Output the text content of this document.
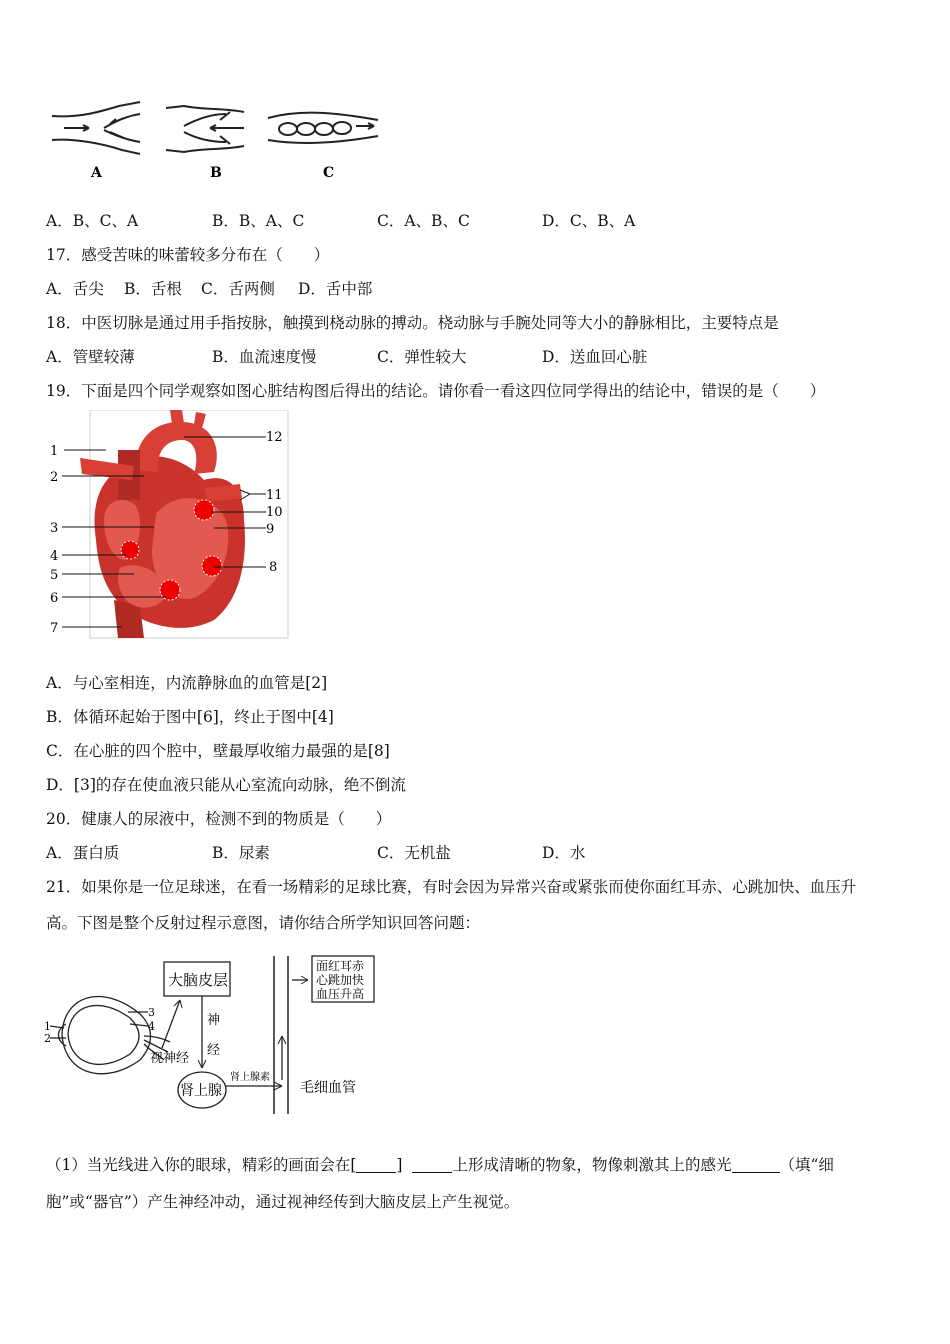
A	B	C
A．B、C、A	B．B、A、C	C．A、B、C	D．C、B、A
17．感受苦味的味蕾较多分布在（　　）
A．舌尖 B．舌根 C．舌两侧 D．舌中部
18．中医切脉是通过用手指按脉，触摸到桡动脉的搏动。桡动脉与手腕处同等大小的静脉相比，主要特点是
A．管壁较薄	B．血流速度慢	C．弹性较大	D．送血回心脏
19．下面是四个同学观察如图心脏结构图后得出的结论。请你看一看这四位同学得出的结论中，错误的是（　　）
1
2
3
4
5
6
7
8
9
10
11
12
A．与心室相连，内流静脉血的血管是[2]
B．体循环起始于图中[6]，终止于图中[4]
C．在心脏的四个腔中，壁最厚收缩力最强的是[8]
D．[3]的存在使血液只能从心室流向动脉，绝不倒流
20．健康人的尿液中，检测不到的物质是（　　）
A．蛋白质	B．尿素	C．无机盐	D．水
21．如果你是一位足球迷，在看一场精彩的足球比赛，有时会因为异常兴奋或紧张而使你面红耳赤、心跳加快、血压升
高。下图是整个反射过程示意图，请你结合所学知识回答问题：
1
2
3
4
视神经
大脑皮层
神
经
肾上腺
肾上腺素
毛细血管
面红耳赤
心跳加快
血压升高
（1）当光线进入你的眼球，精彩的画面会在[	]	上形成清晰的物象，物像刺激其上的感光	（填“细
胞”或“器官”）产生神经冲动，通过视神经传到大脑皮层上产生视觉。
